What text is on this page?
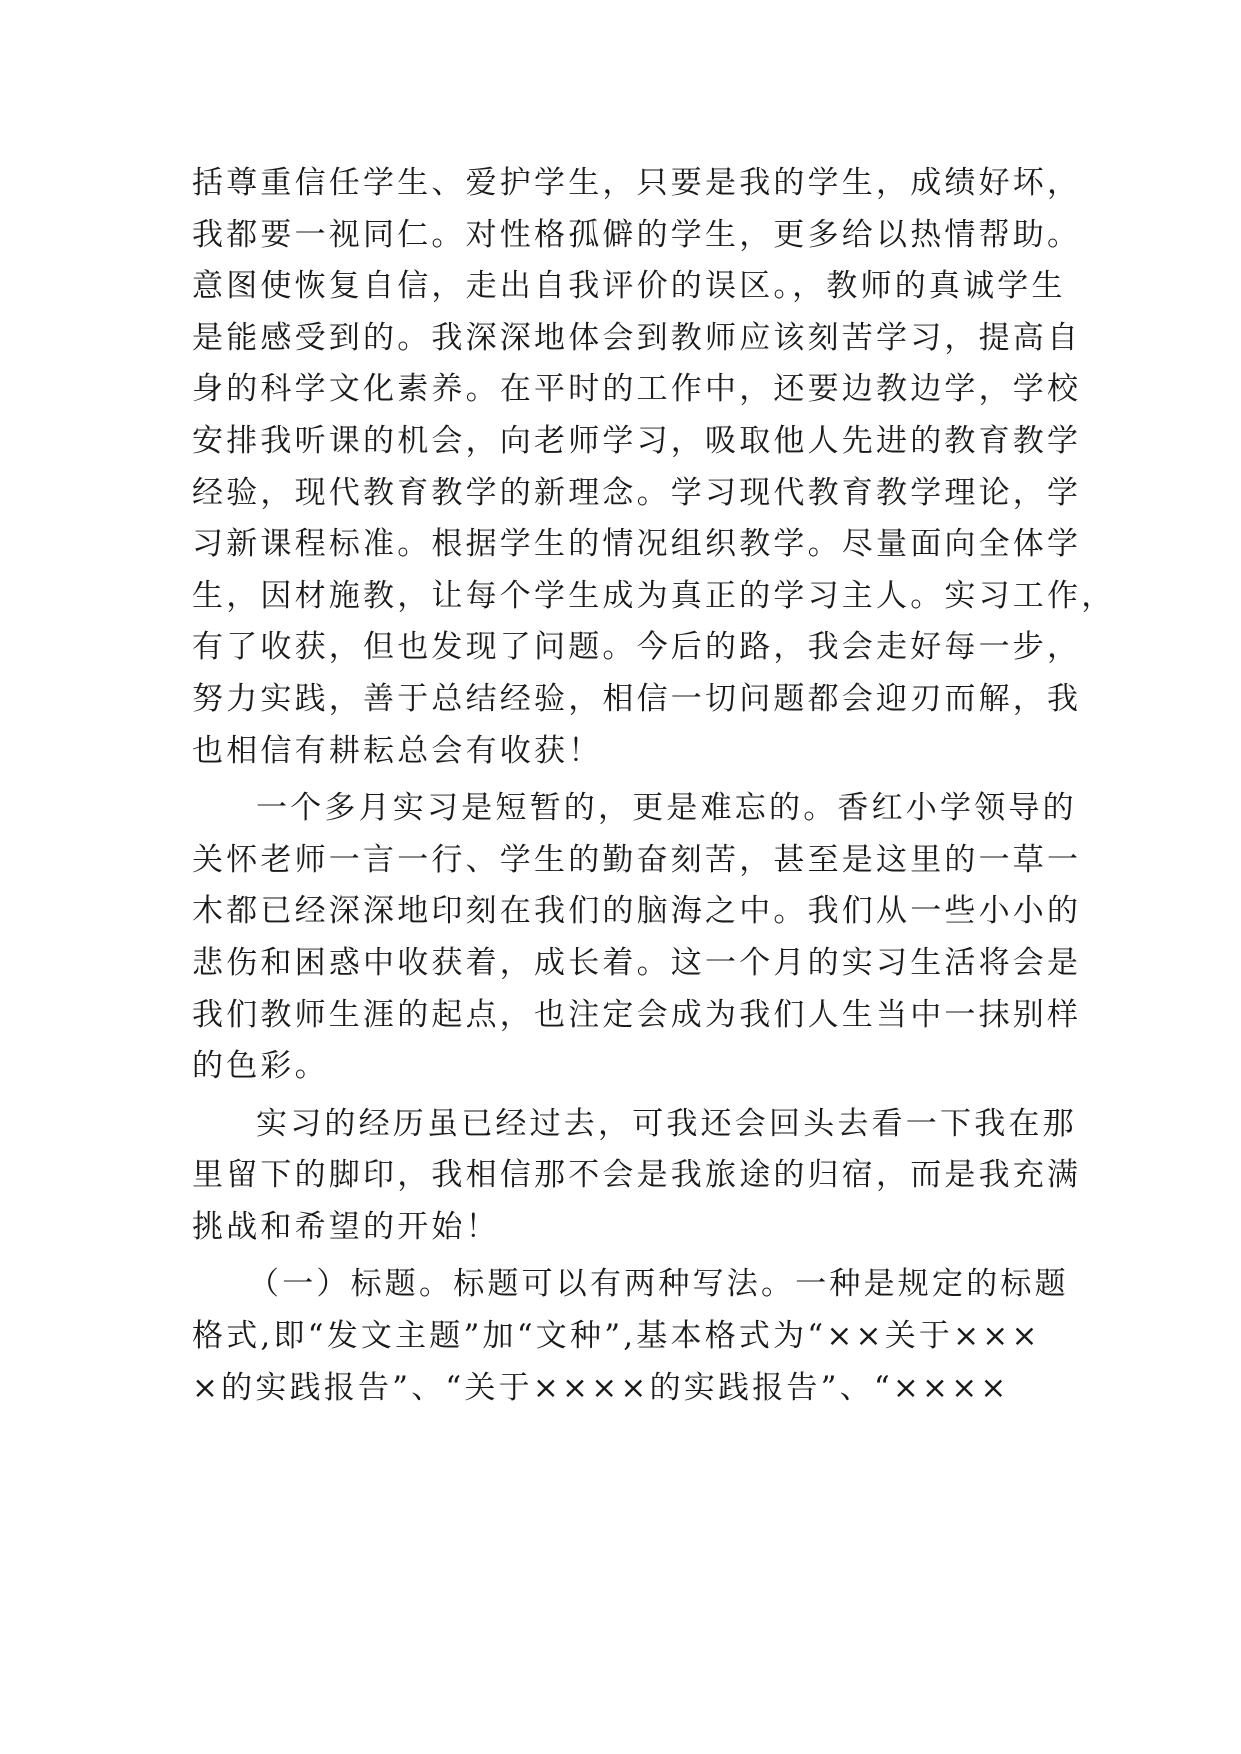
括尊重信任学生、爱护学生，只要是我的学生，成绩好坏，
我都要一视同仁。对性格孤僻的学生，更多给以热情帮助。
意图使恢复自信，走出自我评价的误区。，教师的真诚学生
是能感受到的。我深深地体会到教师应该刻苦学习，提高自
身的科学文化素养。在平时的工作中，还要边教边学，学校
安排我听课的机会，向老师学习，吸取他人先进的教育教学
经验，现代教育教学的新理念。学习现代教育教学理论，学
习新课程标准。根据学生的情况组织教学。尽量面向全体学
生，因材施教，让每个学生成为真正的学习主人。实习工作，
有了收获，但也发现了问题。今后的路，我会走好每一步，
努力实践，善于总结经验，相信一切问题都会迎刃而解，我
也相信有耕耘总会有收获！
一个多月实习是短暂的，更是难忘的。香红小学领导的
关怀老师一言一行、学生的勤奋刻苦，甚至是这里的一草一
木都已经深深地印刻在我们的脑海之中。我们从一些小小的
悲伤和困惑中收获着，成长着。这一个月的实习生活将会是
我们教师生涯的起点，也注定会成为我们人生当中一抹别样
的色彩。
实习的经历虽已经过去，可我还会回头去看一下我在那
里留下的脚印，我相信那不会是我旅途的归宿，而是我充满
挑战和希望的开始！
（一）标题。标题可以有两种写法。一种是规定的标题
格式,即“发文主题”加“文种”,基本格式为“××关于×××
×的实践报告”、“关于××××的实践报告”、“××××
